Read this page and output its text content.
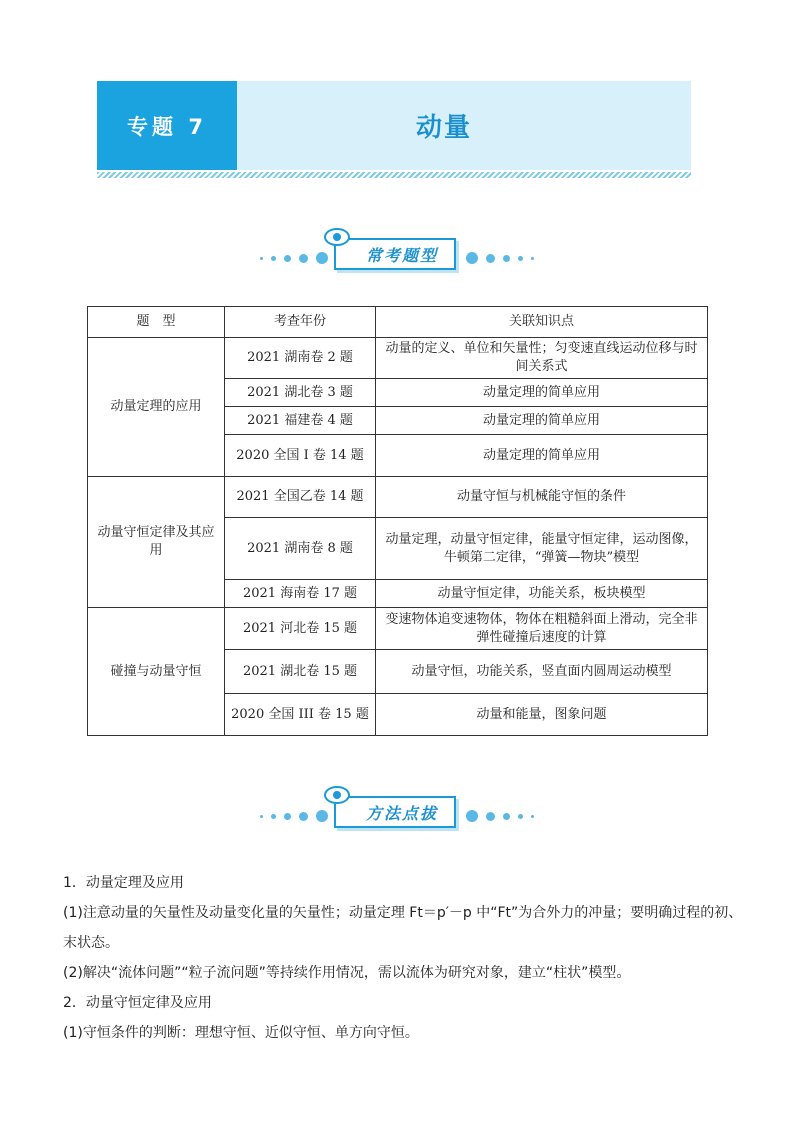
专题 7	动量
常考题型
题　型	考查年份	关联知识点
动量定理的应用	2021 湖南卷 2 题	动量的定义、单位和矢量性；匀变速直线运动位移与时间关系式
	2021 湖北卷 3 题	动量定理的简单应用
	2021 福建卷 4 题	动量定理的简单应用
	2020 全国 I 卷 14 题	动量定理的简单应用
动量守恒定律及其应用	2021 全国乙卷 14 题	动量守恒与机械能守恒的条件
	2021 湖南卷 8 题	动量定理，动量守恒定律，能量守恒定律，运动图像，牛顿第二定律，“弹簧—物块”模型
	2021 海南卷 17 题	动量守恒定律，功能关系，板块模型
碰撞与动量守恒	2021 河北卷 15 题	变速物体追变速物体，物体在粗糙斜面上滑动，完全非弹性碰撞后速度的计算
	2021 湖北卷 15 题	动量守恒，功能关系，竖直面内圆周运动模型
	2020 全国 III 卷 15 题	动量和能量，图象问题
方法点拔

1．动量定理及应用

(1)注意动量的矢量性及动量变化量的矢量性；动量定理 Ft＝p′－p 中“Ft”为合外力的冲量；要明确过程的初、末状态。

(2)解决“流体问题”“粒子流问题”等持续作用情况，需以流体为研究对象，建立“柱状”模型。

2．动量守恒定律及应用

(1)守恒条件的判断：理想守恒、近似守恒、单方向守恒。
